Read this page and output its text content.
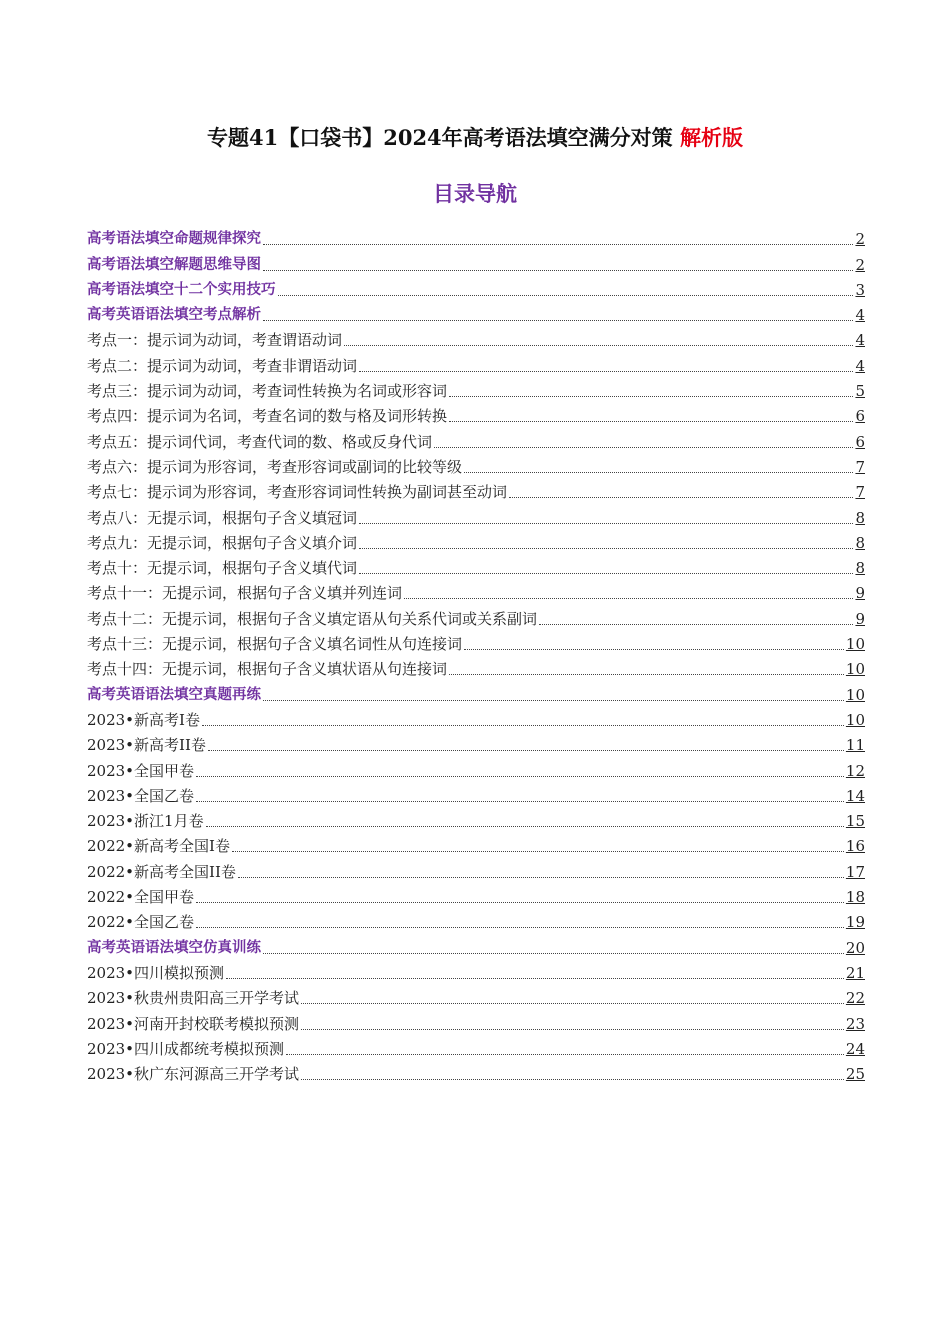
专题41【口袋书】2024年高考语法填空满分对策 解析版
目录导航
高考语法填空命题规律探究	2
高考语法填空解题思维导图	2
高考语法填空十二个实用技巧	3
高考英语语法填空考点解析	4
考点一：提示词为动词，考查谓语动词	4
考点二：提示词为动词，考查非谓语动词	4
考点三：提示词为动词，考查词性转换为名词或形容词	5
考点四：提示词为名词，考查名词的数与格及词形转换	6
考点五：提示词代词，考查代词的数、格或反身代词	6
考点六：提示词为形容词，考查形容词或副词的比较等级	7
考点七：提示词为形容词，考查形容词词性转换为副词甚至动词	7
考点八：无提示词，根据句子含义填冠词	8
考点九：无提示词，根据句子含义填介词	8
考点十：无提示词，根据句子含义填代词	8
考点十一：无提示词，根据句子含义填并列连词	9
考点十二：无提示词，根据句子含义填定语从句关系代词或关系副词	9
考点十三：无提示词，根据句子含义填名词性从句连接词	10
考点十四：无提示词，根据句子含义填状语从句连接词	10
高考英语语法填空真题再练	10
2023•新高考I卷	10
2023•新高考II卷	11
2023•全国甲卷	12
2023•全国乙卷	14
2023•浙江1月卷	15
2022•新高考全国I卷	16
2022•新高考全国II卷	17
2022•全国甲卷	18
2022•全国乙卷	19
高考英语语法填空仿真训练	20
2023•四川模拟预测	21
2023•秋贵州贵阳高三开学考试	22
2023•河南开封校联考模拟预测	23
2023•四川成都统考模拟预测	24
2023•秋广东河源高三开学考试	25
